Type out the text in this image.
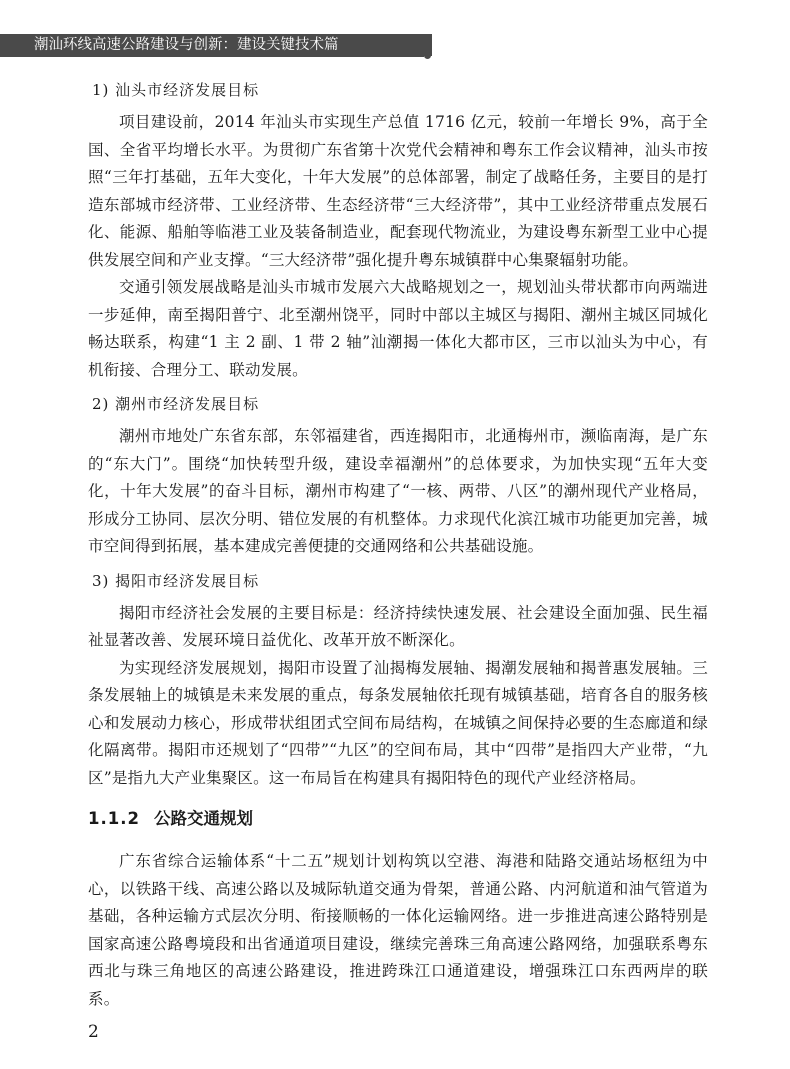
潮汕环线高速公路建设与创新：建设关键技术篇
1) 汕头市经济发展目标

项目建设前，2014 年汕头市实现生产总值 1716 亿元，较前一年增长 9%，高于全国、全省平均增长水平。为贯彻广东省第十次党代会精神和粤东工作会议精神，汕头市按照“三年打基础，五年大变化，十年大发展”的总体部署，制定了战略任务，主要目的是打造东部城市经济带、工业经济带、生态经济带“三大经济带”，其中工业经济带重点发展石化、能源、船舶等临港工业及装备制造业，配套现代物流业，为建设粤东新型工业中心提供发展空间和产业支撑。“三大经济带”强化提升粤东城镇群中心集聚辐射功能。

交通引领发展战略是汕头市城市发展六大战略规划之一，规划汕头带状都市向两端进一步延伸，南至揭阳普宁、北至潮州饶平，同时中部以主城区与揭阳、潮州主城区同城化畅达联系，构建“1 主 2 副、1 带 2 轴”汕潮揭一体化大都市区，三市以汕头为中心，有机衔接、合理分工、联动发展。

2) 潮州市经济发展目标

潮州市地处广东省东部，东邻福建省，西连揭阳市，北通梅州市，濒临南海，是广东的“东大门”。围绕“加快转型升级，建设幸福潮州”的总体要求，为加快实现“五年大变化，十年大发展”的奋斗目标，潮州市构建了“一核、两带、八区”的潮州现代产业格局，形成分工协同、层次分明、错位发展的有机整体。力求现代化滨江城市功能更加完善，城市空间得到拓展，基本建成完善便捷的交通网络和公共基础设施。

3) 揭阳市经济发展目标

揭阳市经济社会发展的主要目标是：经济持续快速发展、社会建设全面加强、民生福祉显著改善、发展环境日益优化、改革开放不断深化。

为实现经济发展规划，揭阳市设置了汕揭梅发展轴、揭潮发展轴和揭普惠发展轴。三条发展轴上的城镇是未来发展的重点，每条发展轴依托现有城镇基础，培育各自的服务核心和发展动力核心，形成带状组团式空间布局结构，在城镇之间保持必要的生态廊道和绿化隔离带。揭阳市还规划了“四带”“九区”的空间布局，其中“四带”是指四大产业带，“九区”是指九大产业集聚区。这一布局旨在构建具有揭阳特色的现代产业经济格局。

1.1.2 公路交通规划

广东省综合运输体系“十二五”规划计划构筑以空港、海港和陆路交通站场枢纽为中心，以铁路干线、高速公路以及城际轨道交通为骨架，普通公路、内河航道和油气管道为基础，各种运输方式层次分明、衔接顺畅的一体化运输网络。进一步推进高速公路特别是国家高速公路粤境段和出省通道项目建设，继续完善珠三角高速公路网络，加强联系粤东西北与珠三角地区的高速公路建设，推进跨珠江口通道建设，增强珠江口东西两岸的联系。

2
